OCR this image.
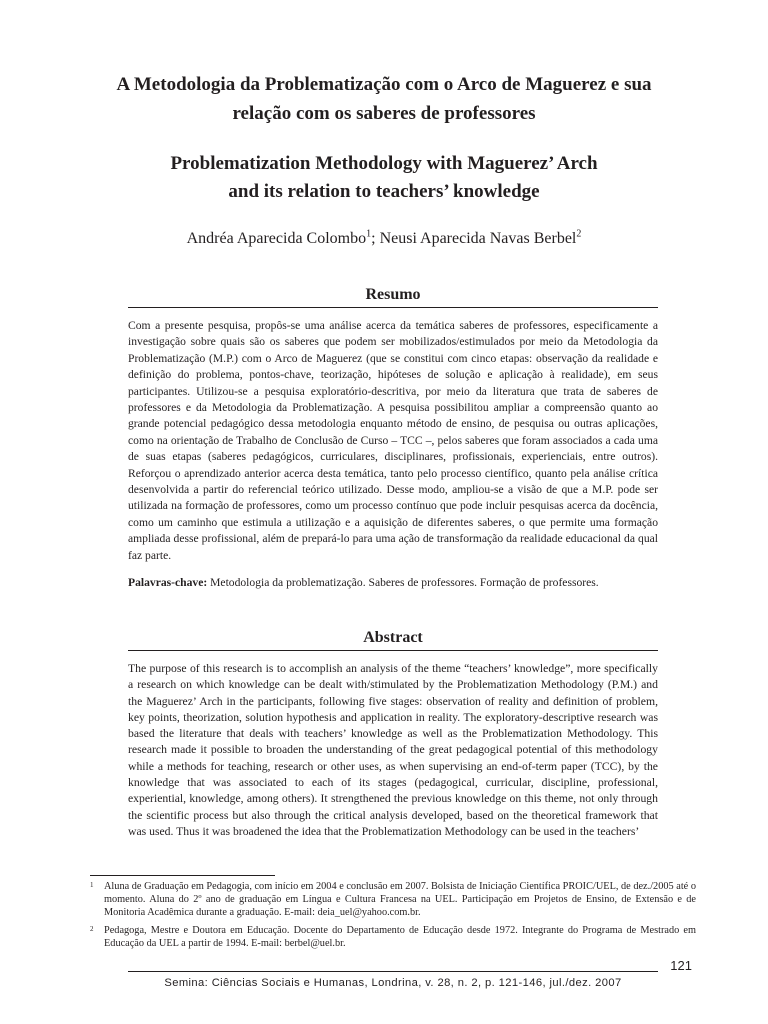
A Metodologia da Problematização com o Arco de Maguerez e sua
relação com os saberes de professores
Problematization Methodology with Maguerez’ Arch
and its relation to teachers’ knowledge
Andréa Aparecida Colombo$^1$; Neusi Aparecida Navas Berbel$^2$
Resumo

Com a presente pesquisa, propôs-se uma análise acerca da temática saberes de professores, especificamente a investigação sobre quais são os saberes que podem ser mobilizados/estimulados por meio da Metodologia da Problematização (M.P.) com o Arco de Maguerez (que se constitui com cinco etapas: observação da realidade e definição do problema, pontos-chave, teorização, hipóteses de solução e aplicação à realidade), em seus participantes. Utilizou-se a pesquisa exploratório-descritiva, por meio da literatura que trata de saberes de professores e da Metodologia da Problematização. A pesquisa possibilitou ampliar a compreensão quanto ao grande potencial pedagógico dessa metodologia enquanto método de ensino, de pesquisa ou outras aplicações, como na orientação de Trabalho de Conclusão de Curso – TCC –, pelos saberes que foram associados a cada uma de suas etapas (saberes pedagógicos, curriculares, disciplinares, profissionais, experienciais, entre outros). Reforçou o aprendizado anterior acerca desta temática, tanto pelo processo científico, quanto pela análise crítica desenvolvida a partir do referencial teórico utilizado. Desse modo, ampliou-se a visão de que a M.P. pode ser utilizada na formação de professores, como um processo contínuo que pode incluir pesquisas acerca da docência, como um caminho que estimula a utilização e a aquisição de diferentes saberes, o que permite uma formação ampliada desse profissional, além de prepará-lo para uma ação de transformação da realidade educacional da qual faz parte.

Palavras-chave: Metodologia da problematização. Saberes de professores. Formação de professores.

Abstract

The purpose of this research is to accomplish an analysis of the theme “teachers’ knowledge”, more specifically a research on which knowledge can be dealt with/stimulated by the Problematization Methodology (P.M.) and the Maguerez’ Arch in the participants, following five stages: observation of reality and definition of problem, key points, theorization, solution hypothesis and application in reality. The exploratory-descriptive research was based the literature that deals with teachers’ knowledge as well as the Problematization Methodology. This research made it possible to broaden the understanding of the great pedagogical potential of this methodology while a methods for teaching, research or other uses, as when supervising an end-of-term paper (TCC), by the knowledge that was associated to each of its stages (pedagogical, curricular, discipline, professional, experiential, knowledge, among others). It strengthened the previous knowledge on this theme, not only through the scientific process but also through the critical analysis developed, based on the theoretical framework that was used. Thus it was broadened the idea that the Problematization Methodology can be used in the teachers’

1 Aluna de Graduação em Pedagogia, com início em 2004 e conclusão em 2007. Bolsista de Iniciação Científica PROIC/UEL, de dez./2005 até o momento. Aluna do 2º ano de graduação em Língua e Cultura Francesa na UEL. Participação em Projetos de Ensino, de Extensão e de Monitoria Acadêmica durante a graduação. E-mail: deia_uel@yahoo.com.br.

2 Pedagoga, Mestre e Doutora em Educação. Docente do Departamento de Educação desde 1972. Integrante do Programa de Mestrado em Educação da UEL a partir de 1994. E-mail: berbel@uel.br.

121
Semina: Ciências Sociais e Humanas, Londrina, v. 28, n. 2, p. 121-146, jul./dez. 2007
